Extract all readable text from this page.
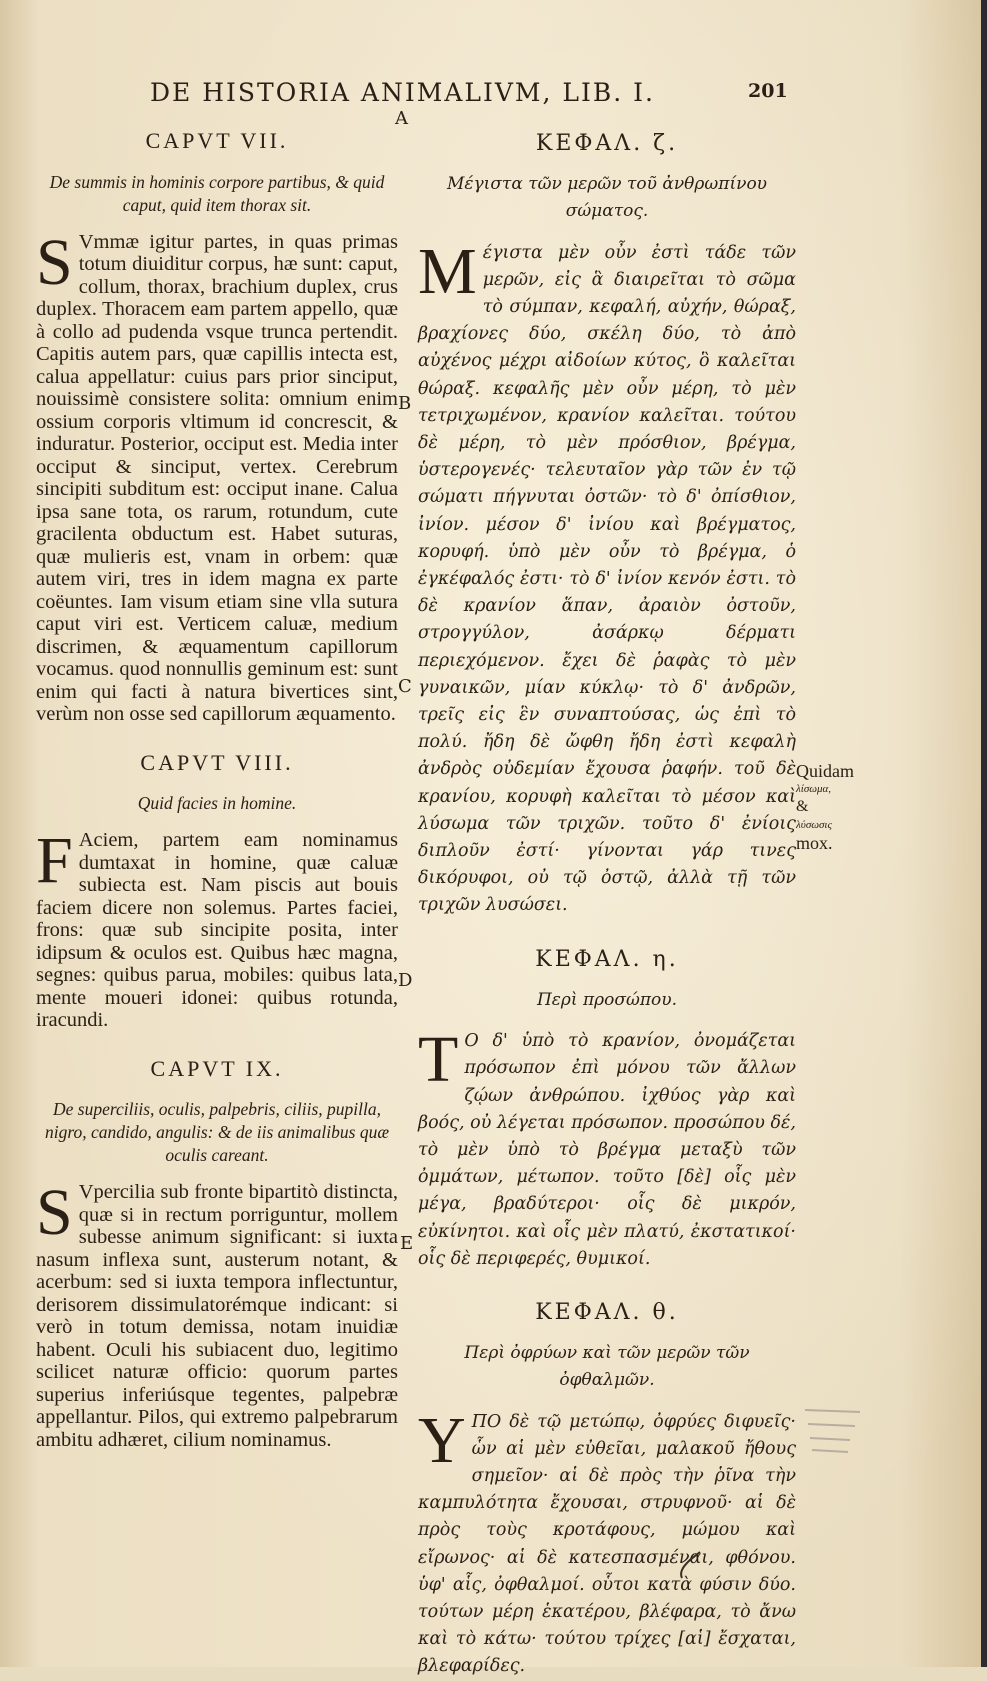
DE HISTORIA ANIMALIVM, LIB. I.	201
A
B
C
D
E
CAPVT VII.
De summis in hominis corpore partibus, & quid caput, quid item thorax sit.

S Vmmæ igitur partes, in quas primas totum diuiditur corpus, hæ sunt: caput, collum, thorax, brachium duplex, crus duplex. Thoracem eam partem appello, quæ à collo ad pudenda vsque trunca pertendit. Capitis autem pars, quæ capillis intecta est, calua appellatur: cuius pars prior sinciput, nouissimè consistere solita: omnium enim ossium corporis vltimum id concrescit, & induratur. Posterior, occiput est. Media inter occiput & sinciput, vertex. Cerebrum sincipiti subditum est: occiput inane. Calua ipsa sane tota, os rarum, rotundum, cute gracilenta obductum est. Habet suturas, quæ mulieris est, vnam in orbem: quæ autem viri, tres in idem magna ex parte coëuntes. Iam visum etiam sine vlla sutura caput viri est. Verticem caluæ, medium discrimen, & æquamentum capillorum vocamus. quod nonnullis geminum est: sunt enim qui facti à natura bivertices sint, verùm non osse sed capillorum æquamento.

CAPVT VIII.
Quid facies in homine.

F Aciem, partem eam nominamus dumtaxat in homine, quæ caluæ subiecta est. Nam piscis aut bouis faciem dicere non solemus. Partes faciei, frons: quæ sub sincipite posita, inter idipsum & oculos est. Quibus hæc magna, segnes: quibus parua, mobiles: quibus lata, mente moueri idonei: quibus rotunda, iracundi.

CAPVT IX.
De superciliis, oculis, palpebris, ciliis, pupilla, nigro, candido, angulis: & de iis animalibus quæ oculis careant.

S Vpercilia sub fronte bipartitò distincta, quæ si in rectum porriguntur, mollem subesse animum significant: si iuxta nasum inflexa sunt, austerum notant, & acerbum: sed si iuxta tempora inflectuntur, derisorem dissimulatorémque indicant: si verò in totum demissa, notam inuidiæ habent. Oculi his subiacent duo, legitimo scilicet naturæ officio: quorum partes superius inferiúsque tegentes, palpebræ appellantur. Pilos, qui extremo palpebrarum ambitu adhæret, cilium nominamus.

ΚΕΦΑΛ. ζ.
Μέγιστα τῶν μερῶν τοῦ ἀνθρωπίνου σώματος.

Μέγιστα μὲν οὖν ἐστὶ τάδε τῶν μερῶν, εἰς ἃ διαιρεῖται τὸ σῶμα τὸ σύμπαν, κεφαλή, αὐχήν, θώραξ, βραχίονες δύο, σκέλη δύο, τὸ ἀπὸ αὐχένος μέχρι αἰδοίων κύτος, ὃ καλεῖται θώραξ. κεφαλῆς μὲν οὖν μέρη, τὸ μὲν τετριχωμένον, κρανίον καλεῖται. τούτου δὲ μέρη, τὸ μὲν πρόσθιον, βρέγμα, ὑστερογενές· τελευταῖον γὰρ τῶν ἐν τῷ σώματι πήγνυται ὀστῶν· τὸ δ' ὀπίσθιον, ἰνίον. μέσον δ' ἰνίου καὶ βρέγματος, κορυφή. ὑπὸ μὲν οὖν τὸ βρέγμα, ὁ ἐγκέφαλός ἐστι· τὸ δ' ἰνίον κενόν ἐστι. τὸ δὲ κρανίον ἅπαν, ἀραιὸν ὀστοῦν, στρογγύλον, ἀσάρκῳ δέρματι περιεχόμενον. ἔχει δὲ ῥαφὰς τὸ μὲν γυναικῶν, μίαν κύκλῳ· τὸ δ' ἀνδρῶν, τρεῖς εἰς ἓν συναπτούσας, ὡς ἐπὶ τὸ πολύ. ἤδη δὲ ὤφθη ἤδη ἐστὶ κεφαλὴ ἀνδρὸς οὐδεμίαν ἔχουσα ῥαφήν. τοῦ δὲ κρανίου, κορυφὴ καλεῖται τὸ μέσον καὶ λύσωμα τῶν τριχῶν. τοῦτο δ' ἐνίοις διπλοῦν ἐστί· γίνονται γάρ τινες δικόρυφοι, οὐ τῷ ὀστῷ, ἀλλὰ τῇ τῶν τριχῶν λυσώσει.

ΚΕΦΑΛ. η.
Περὶ προσώπου.

Τ Ο δ' ὑπὸ τὸ κρανίον, ὀνομάζεται πρόσωπον ἐπὶ μόνου τῶν ἄλλων ζῴων ἀνθρώπου. ἰχθύος γὰρ καὶ βοός, οὐ λέγεται πρόσωπον. προσώπου δέ, τὸ μὲν ὑπὸ τὸ βρέγμα μεταξὺ τῶν ὀμμάτων, μέτωπον. τοῦτο [δὲ] οἷς μὲν μέγα, βραδύτεροι· οἷς δὲ μικρόν, εὐκίνητοι. καὶ οἷς μὲν πλατύ, ἐκστατικοί· οἷς δὲ περιφερές, θυμικοί.

ΚΕΦΑΛ. θ.
Περὶ ὀφρύων καὶ τῶν μερῶν τῶν ὀφθαλμῶν.

ΥΠΟ δὲ τῷ μετώπῳ, ὀφρύες διφυεῖς· ὧν αἱ μὲν εὐθεῖαι, μαλακοῦ ἤθους σημεῖον· αἱ δὲ πρὸς τὴν ῥῖνα τὴν καμπυλότητα ἔχουσαι, στρυφνοῦ· αἱ δὲ πρὸς τοὺς κροτάφους, μώμου καὶ εἴρωνος· αἱ δὲ κατεσπασμέναι, φθόνου. ὑφ' αἷς, ὀφθαλμοί. οὗτοι κατὰ φύσιν δύο. τούτων μέρη ἑκατέρου, βλέφαρα, τὸ ἄνω καὶ τὸ κάτω· τούτου τρίχες [αἱ] ἔσχαται, βλεφαρίδες.

Quidam
λίσωμα,
&
λύσωσις
mox.
